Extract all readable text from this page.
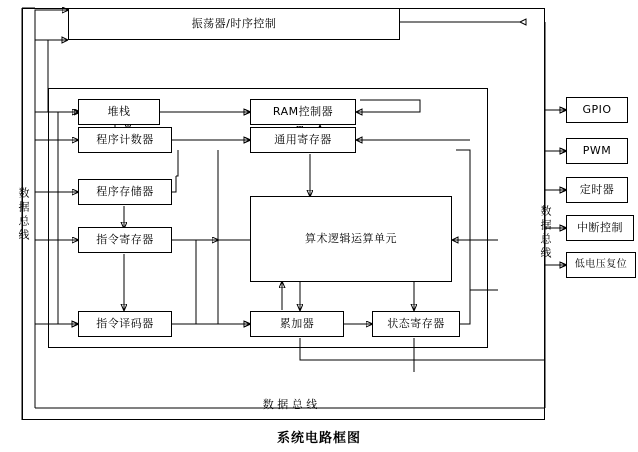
振荡器/时序控制
堆栈	RAM控制器
程序计数器	通用寄存器
程序存储器
算术逻辑运算单元
指令寄存器
指令译码器	累加器	状态寄存器
数 据 总 线
数据总线	数据总线
GPIO
PWM
定时器
中断控制
低电压复位
系统电路框图
